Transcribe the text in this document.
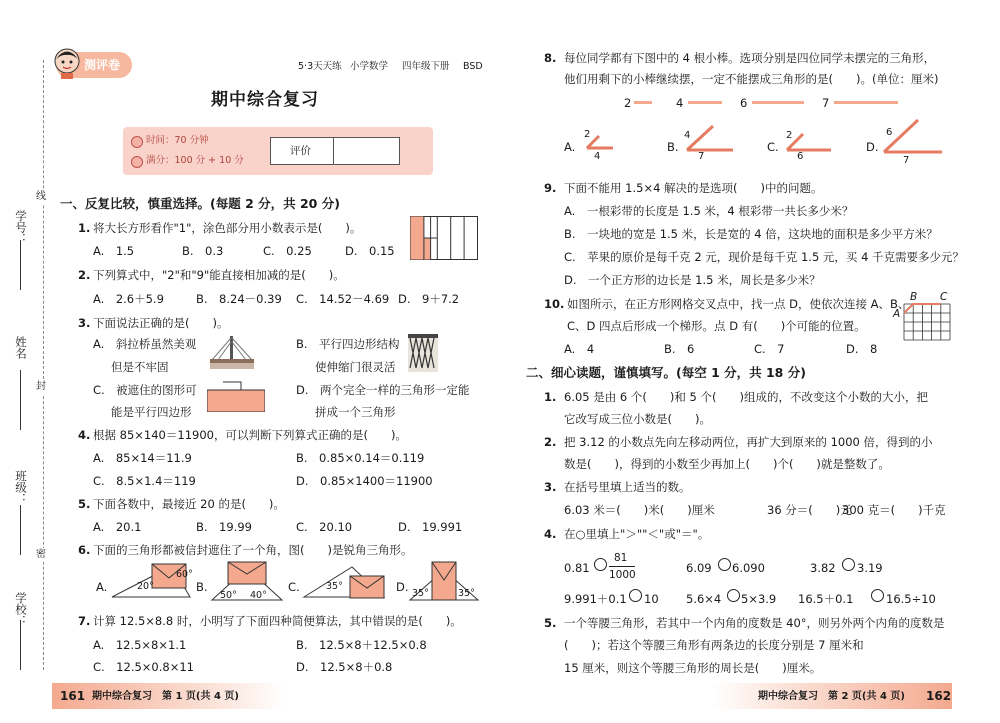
学号：
姓名
班级：
学校：
线
封
密
测评卷	5·3天天练 小学数学 四年级下册 BSD
期中综合复习
时间：70 分钟
满分：100 分 + 10 分
评价
一、反复比较，慎重选择。(每题 2 分，共 20 分)
1. 将大长方形看作"1"，涂色部分用小数表示是(　　)。
A.　1.5	B.　0.3	C.　0.25	D.　0.15
2. 下列算式中，"2"和"9"能直接相加减的是(　　)。
A.　2.6＋5.9	B.　8.24－0.39 C.　14.52－4.69 D.　9＋7.2
3. 下面说法正确的是(　　)。
A.　斜拉桥虽然美观
但是不牢固
B.　平行四边形结构
使伸缩门很灵活
C.　被遮住的图形可
能是平行四边形
D.　两个完全一样的三角形一定能
拼成一个三角形
4. 根据 85×140＝11900，可以判断下列算式正确的是(　　)。
A.　85×14＝11.9	B.　0.85×0.14＝0.119
C.　8.5×1.4＝119	D.　0.85×1400＝11900
5. 下面各数中，最接近 20 的是(　　)。
A.　20.1	B.　19.99	C.　20.10	D.　19.991
6. 下面的三角形都被信封遮住了一个角，图(　　)是锐角三角形。
A.	B.	C.	D.
20°
60°
50° 40°
35°
35°	35°
7. 计算 12.5×8.8 时，小明写了下面四种简便算法，其中错误的是(　　)。
A.　12.5×8×1.1	B.　12.5×8＋12.5×0.8
C.　12.5×0.8×11	D.　12.5×8＋0.8
161 期中综合复习　第 1 页(共 4 页)
8. 每位同学都有下图中的 4 根小棒。选项分别是四位同学未摆完的三角形，
他们用剩下的小棒继续摆，一定不能摆成三角形的是(　　)。(单位：厘米)
2	4	6	7
A.
2
4
B.
4
7
C.
2
6
D.
6
7
9. 下面不能用 1.5×4 解决的是选项(　　)中的问题。
A.　一根彩带的长度是 1.5 米，4 根彩带一共长多少米？
B.　一块地的宽是 1.5 米，长是宽的 4 倍，这块地的面积是多少平方米？
C.　苹果的原价是每千克 2 元，现价是每千克 1.5 元，买 4 千克需要多少元？
D.　一个正方形的边长是 1.5 米，周长是多少米？
10. 如图所示，在正方形网格交叉点中，找一点 D，使依次连接 A、B、
C、D 四点后形成一个梯形。点 D 有(　　)个可能的位置。
A.　4	B.　6	C.　7	D.　8
A
B C
二、细心读题，谨慎填写。(每空 1 分，共 18 分)
1. 6.05 是由 6 个(　　)和 5 个(　　)组成的，不改变这个小数的大小，把
它改写成三位小数是(　　)。
2. 把 3.12 的小数点先向左移动两位，再扩大到原来的 1000 倍，得到的小
数是(　　)，得到的小数至少再加上(　　)个(　　)就是整数了。
3. 在括号里填上适当的数。
6.03 米＝(　　)米(　　)厘米	36 分＝(　　)元
300 克＝(　　)千克
4. 在○里填上"＞""＜"或"＝"。
0.81
81
1000	6.09 6.090	3.82 3.19
9.991＋0.1 10 5.6×4 5×3.9 16.5＋0.1	16.5÷10
5. 一个等腰三角形，若其中一个内角的度数是 40°，则另外两个内角的度数是
(　　)；若这个等腰三角形有两条边的长度分别是 7 厘米和
15 厘米，则这个等腰三角形的周长是(　　)厘米。
期中综合复习　第 2 页(共 4 页) 162
